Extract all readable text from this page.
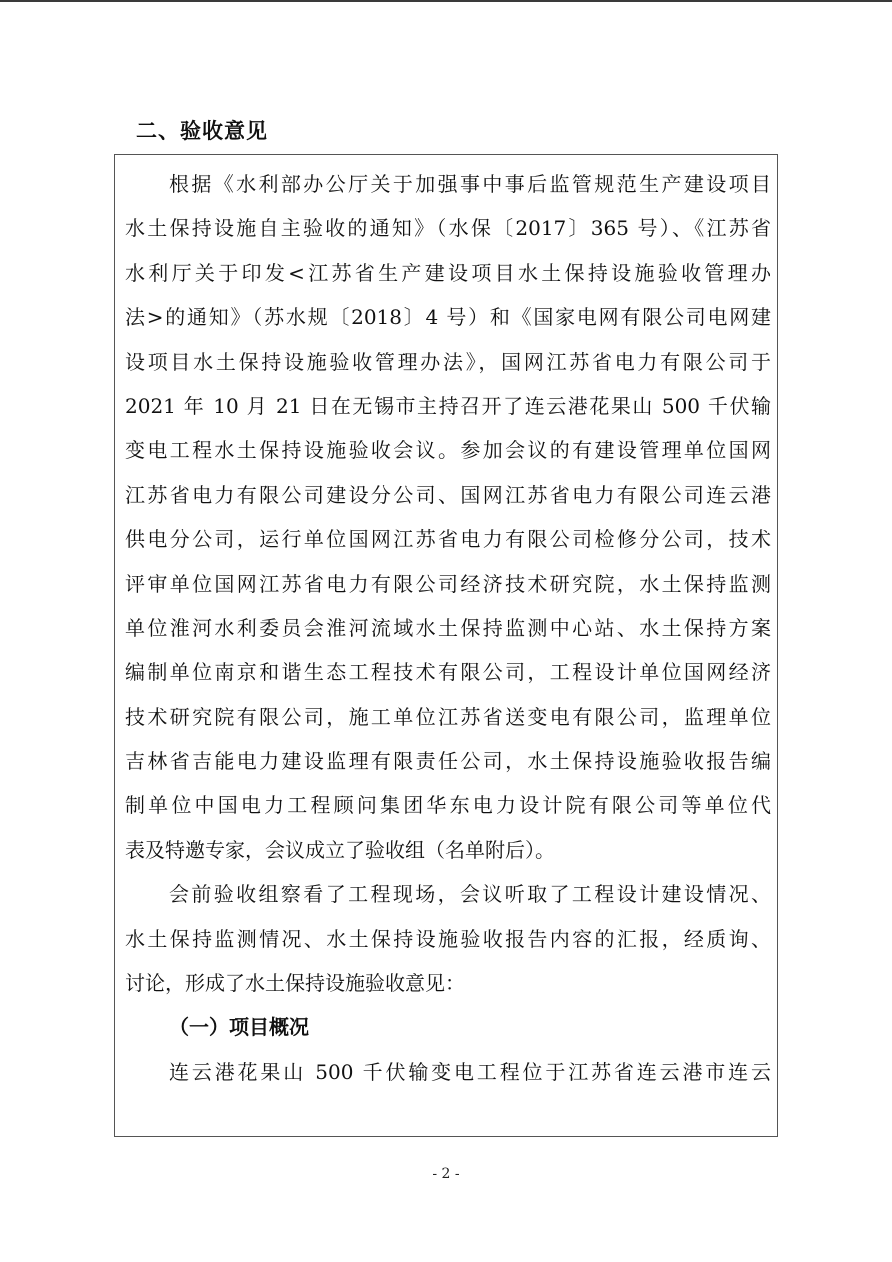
二、验收意见
根据《水利部办公厅关于加强事中事后监管规范生产建设项目
水土保持设施自主验收的通知》（水保〔2017〕365 号）、《江苏省
水利厅关于印发<江苏省生产建设项目水土保持设施验收管理办
法>的通知》（苏水规〔2018〕4 号）和《国家电网有限公司电网建
设项目水土保持设施验收管理办法》，国网江苏省电力有限公司于
2021 年 10 月 21 日在无锡市主持召开了连云港花果山 500 千伏输
变电工程水土保持设施验收会议。参加会议的有建设管理单位国网
江苏省电力有限公司建设分公司、国网江苏省电力有限公司连云港
供电分公司，运行单位国网江苏省电力有限公司检修分公司，技术
评审单位国网江苏省电力有限公司经济技术研究院，水土保持监测
单位淮河水利委员会淮河流域水土保持监测中心站、水土保持方案
编制单位南京和谐生态工程技术有限公司，工程设计单位国网经济
技术研究院有限公司，施工单位江苏省送变电有限公司，监理单位
吉林省吉能电力建设监理有限责任公司，水土保持设施验收报告编
制单位中国电力工程顾问集团华东电力设计院有限公司等单位代
表及特邀专家，会议成立了验收组（名单附后）。
会前验收组察看了工程现场，会议听取了工程设计建设情况、
水土保持监测情况、水土保持设施验收报告内容的汇报，经质询、
讨论，形成了水土保持设施验收意见：
（一）项目概况
连云港花果山 500 千伏输变电工程位于江苏省连云港市连云
- 2 -
